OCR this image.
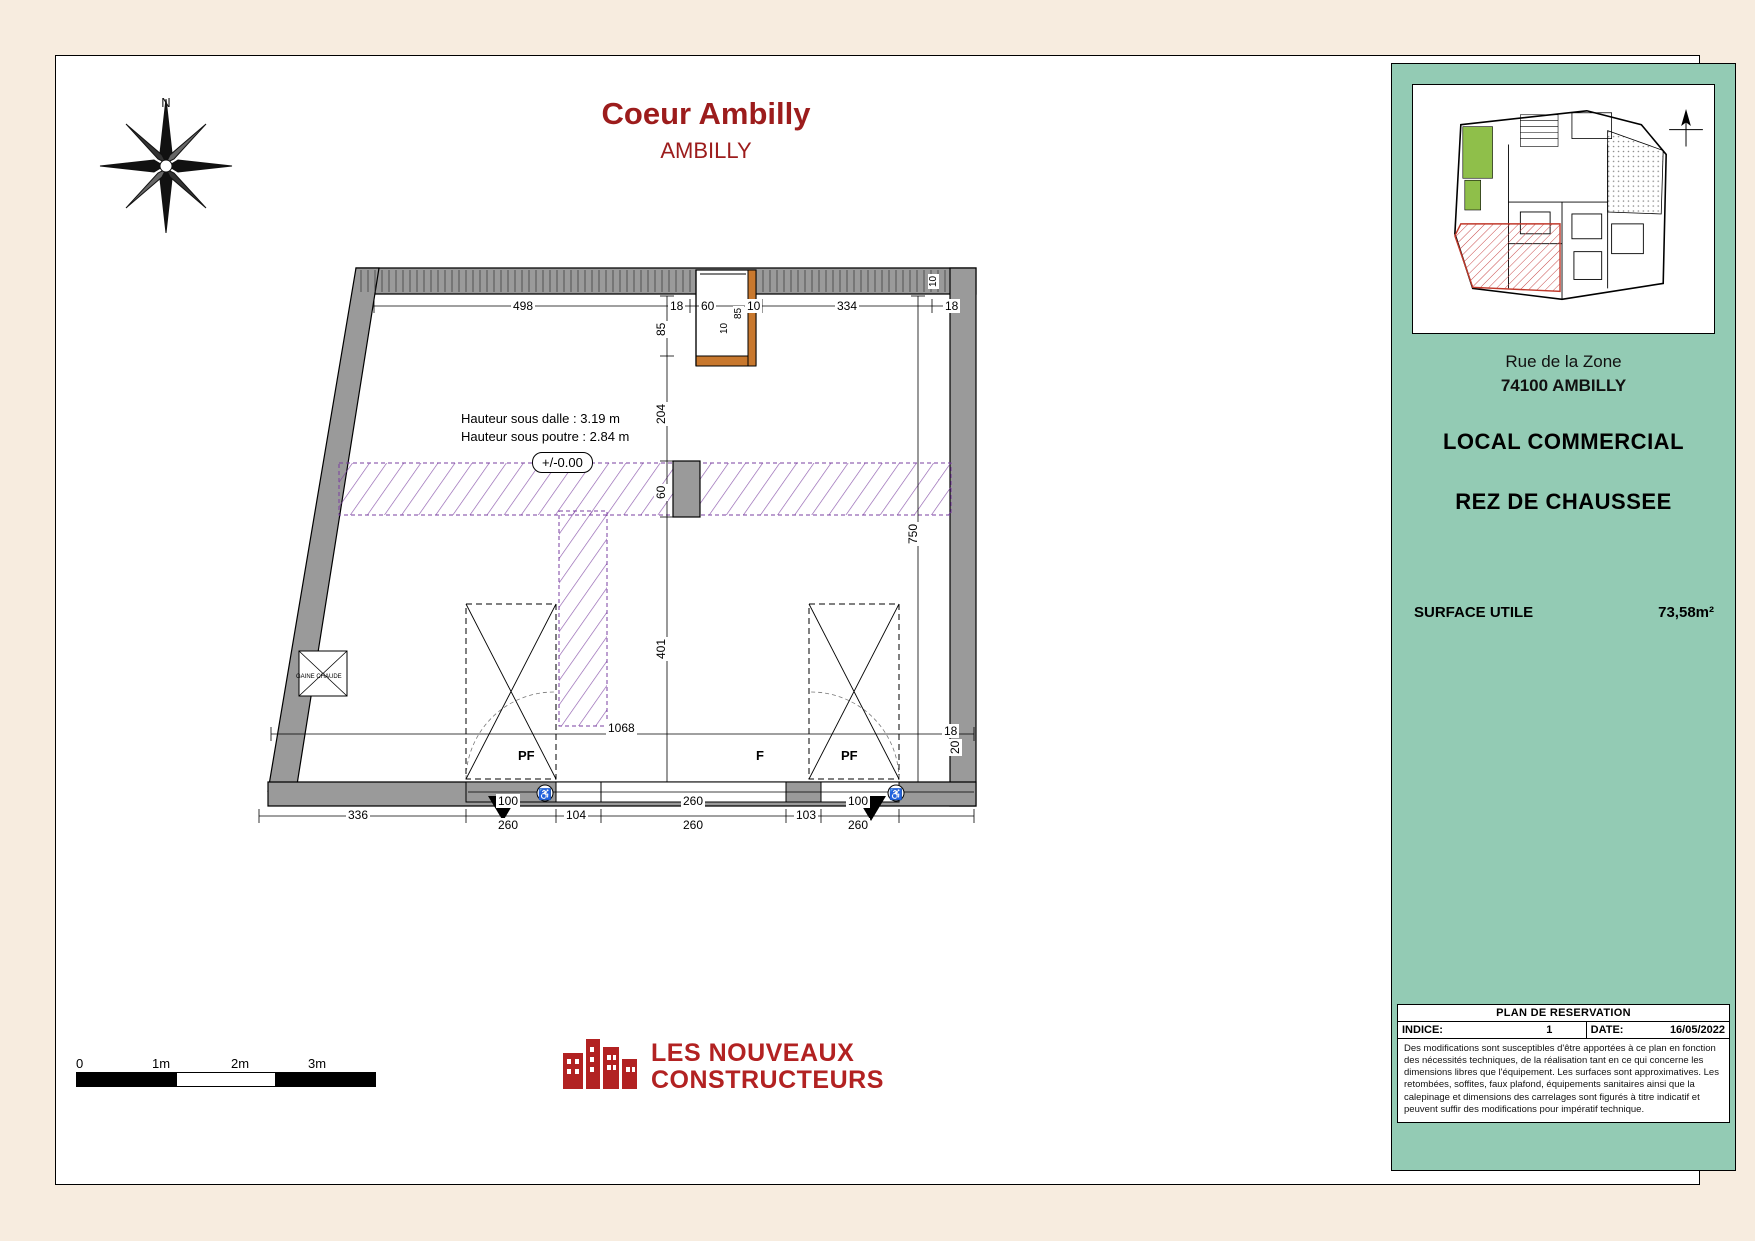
Coeur Ambilly
AMBILLY
N
♿	♿
Hauteur sous dalle : 3.19 m
Hauteur sous poutre : 2.84 m
+/-0.00
GAINE CHAUDE
498	18 60
85
10
10	334
10
18
85
204
60
401
750
18
20
1068
PF	F	PF
336
100
260
104
260
260
103
100
260
0	1m	2m	3m	LES NOUVEAUX
CONSTRUCTEURS
Rue de la Zone
74100 AMBILLY
LOCAL COMMERCIAL
REZ DE CHAUSSEE
SURFACE UTILE	73,58m²
PLAN DE RESERVATION
INDICE:	1	DATE:	16/05/2022
Des modifications sont susceptibles d'être apportées à ce plan en fonction des nécessités techniques, de la réalisation tant en ce qui concerne les dimensions libres que l'équipement. Les surfaces sont approximatives. Les retombées, soffites, faux plafond, équipements sanitaires ainsi que la calepinage et dimensions des carrelages sont figurés à titre indicatif et peuvent suffir des modifications pour impératif technique.
